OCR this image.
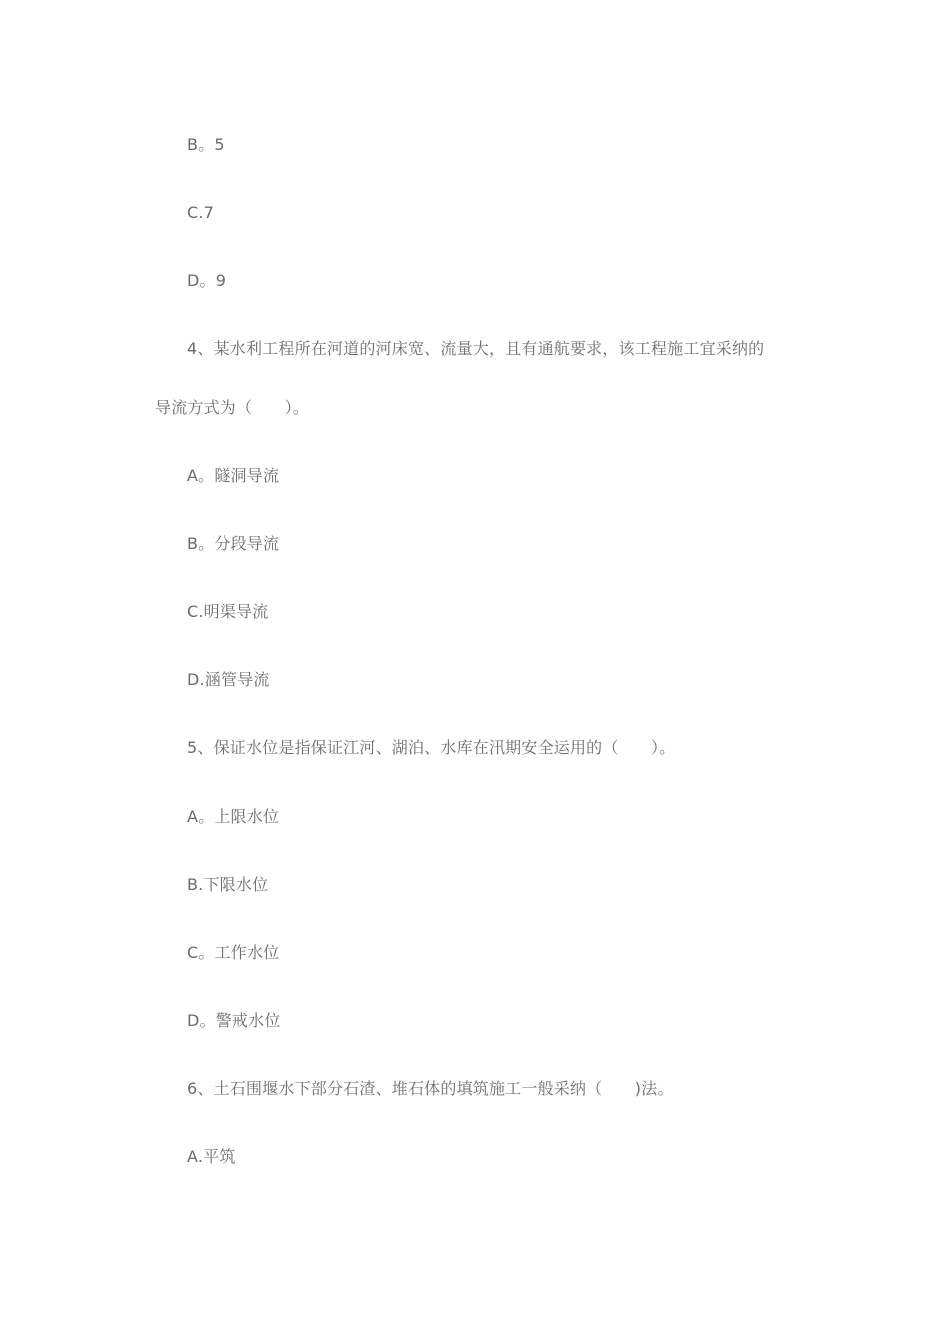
B。5
C.7
D。9
4、某水利工程所在河道的河床宽、流量大，且有通航要求，该工程施工宜采纳的
导流方式为（　　）。
A。隧洞导流
B。分段导流
C.明渠导流
D.涵管导流
5、保证水位是指保证江河、湖泊、水库在汛期安全运用的（　　）。
A。上限水位
B.下限水位
C。工作水位
D。警戒水位
6、土石围堰水下部分石渣、堆石体的填筑施工一般采纳（　　)法。
A.平筑
